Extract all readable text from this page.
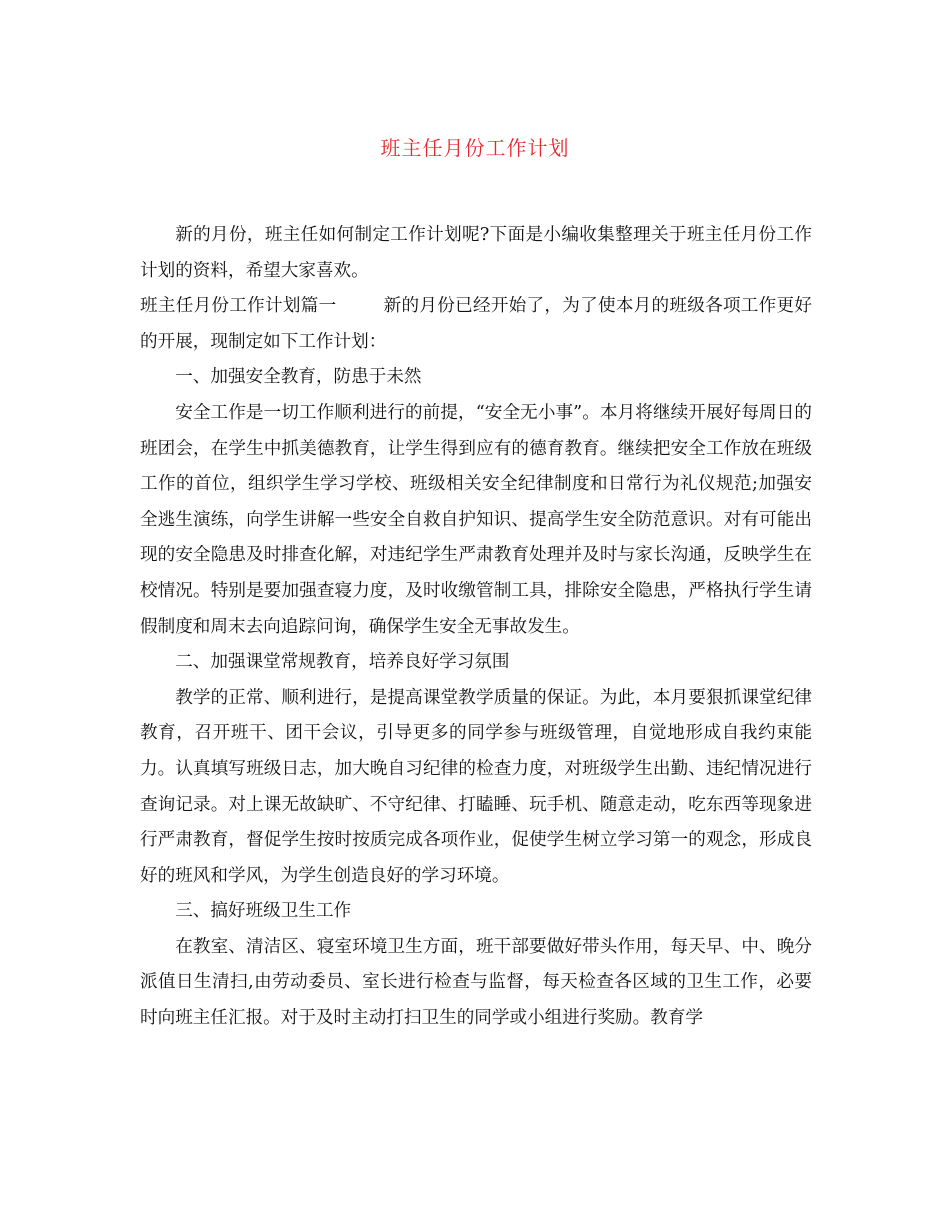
班主任月份工作计划

新的月份，班主任如何制定工作计划呢?下面是小编收集整理关于班主任月份工作计划的资料，希望大家喜欢。

班主任月份工作计划篇一	新的月份已经开始了，为了使本月的班级各项工作更好的开展，现制定如下工作计划：

一、加强安全教育，防患于未然

安全工作是一切工作顺利进行的前提，“安全无小事”。本月将继续开展好每周日的班团会，在学生中抓美德教育，让学生得到应有的德育教育。继续把安全工作放在班级工作的首位，组织学生学习学校、班级相关安全纪律制度和日常行为礼仪规范;加强安全逃生演练，向学生讲解一些安全自救自护知识、提高学生安全防范意识。对有可能出现的安全隐患及时排查化解，对违纪学生严肃教育处理并及时与家长沟通，反映学生在校情况。特别是要加强查寝力度，及时收缴管制工具，排除安全隐患，严格执行学生请假制度和周末去向追踪问询，确保学生安全无事故发生。

二、加强课堂常规教育，培养良好学习氛围

教学的正常、顺利进行，是提高课堂教学质量的保证。为此，本月要狠抓课堂纪律教育，召开班干、团干会议，引导更多的同学参与班级管理，自觉地形成自我约束能力。认真填写班级日志，加大晚自习纪律的检查力度，对班级学生出勤、违纪情况进行查询记录。对上课无故缺旷、不守纪律、打瞌睡、玩手机、随意走动，吃东西等现象进行严肃教育，督促学生按时按质完成各项作业，促使学生树立学习第一的观念，形成良好的班风和学风，为学生创造良好的学习环境。

三、搞好班级卫生工作

在教室、清洁区、寝室环境卫生方面，班干部要做好带头作用，每天早、中、晚分派值日生清扫,由劳动委员、室长进行检查与监督，每天检查各区域的卫生工作，必要时向班主任汇报。对于及时主动打扫卫生的同学或小组进行奖励。教育学
